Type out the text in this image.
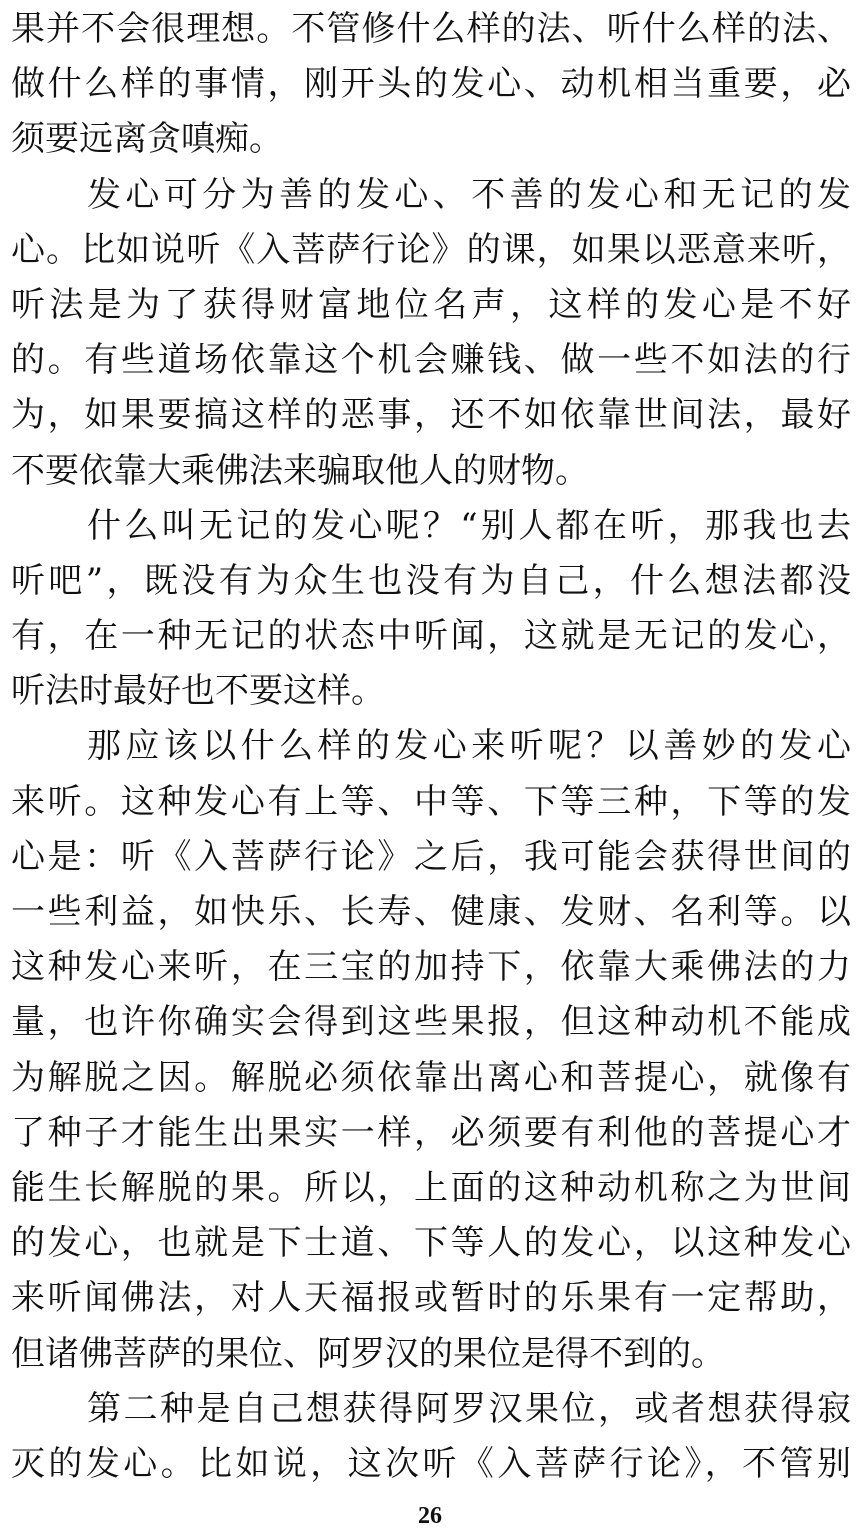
果并不会很理想。不管修什么样的法、听什么样的法、
做什么样的事情，刚开头的发心、动机相当重要，必
须要远离贪嗔痴。
发心可分为善的发心、不善的发心和无记的发
心。比如说听《入菩萨行论》的课，如果以恶意来听，
听法是为了获得财富地位名声，这样的发心是不好
的。有些道场依靠这个机会赚钱、做一些不如法的行
为，如果要搞这样的恶事，还不如依靠世间法，最好
不要依靠大乘佛法来骗取他人的财物。
什么叫无记的发心呢？“别人都在听，那我也去
听吧”，既没有为众生也没有为自己，什么想法都没
有，在一种无记的状态中听闻，这就是无记的发心，
听法时最好也不要这样。
那应该以什么样的发心来听呢？以善妙的发心
来听。这种发心有上等、中等、下等三种，下等的发
心是：听《入菩萨行论》之后，我可能会获得世间的
一些利益，如快乐、长寿、健康、发财、名利等。以
这种发心来听，在三宝的加持下，依靠大乘佛法的力
量，也许你确实会得到这些果报，但这种动机不能成
为解脱之因。解脱必须依靠出离心和菩提心，就像有
了种子才能生出果实一样，必须要有利他的菩提心才
能生长解脱的果。所以，上面的这种动机称之为世间
的发心，也就是下士道、下等人的发心，以这种发心
来听闻佛法，对人天福报或暂时的乐果有一定帮助，
但诸佛菩萨的果位、阿罗汉的果位是得不到的。
第二种是自己想获得阿罗汉果位，或者想获得寂
灭的发心。比如说，这次听《入菩萨行论》，不管别
26
